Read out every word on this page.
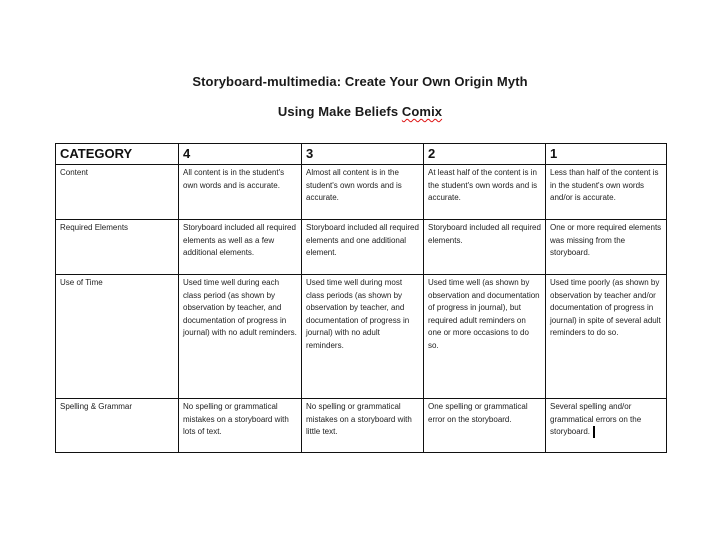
Storyboard-multimedia: Create Your Own Origin Myth
Using Make Beliefs Comix
CATEGORY	4	3	2	1
Content	All content is in the student's own words and is accurate.	Almost all content is in the student's own words and is accurate.	At least half of the content is in the student's own words and is accurate.	Less than half of the content is in the student's own words and/or is accurate.
Required Elements	Storyboard included all required elements as well as a few additional elements.	Storyboard included all required elements and one additional element.	Storyboard included all required elements.	One or more required elements was missing from the storyboard.
Use of Time	Used time well during each class period (as shown by observation by teacher, and documentation of progress in journal) with no adult reminders.	Used time well during most class periods (as shown by observation by teacher, and documentation of progress in journal) with no adult reminders.	Used time well (as shown by observation and documentation of progress in journal), but required adult reminders on one or more occasions to do so.	Used time poorly (as shown by observation by teacher and/or documentation of progress in journal) in spite of several adult reminders to do so.
Spelling & Grammar	No spelling or grammatical mistakes on a storyboard with lots of text.	No spelling or grammatical mistakes on a storyboard with little text.	One spelling or grammatical error on the storyboard.	Several spelling and/or grammatical errors on the storyboard.
